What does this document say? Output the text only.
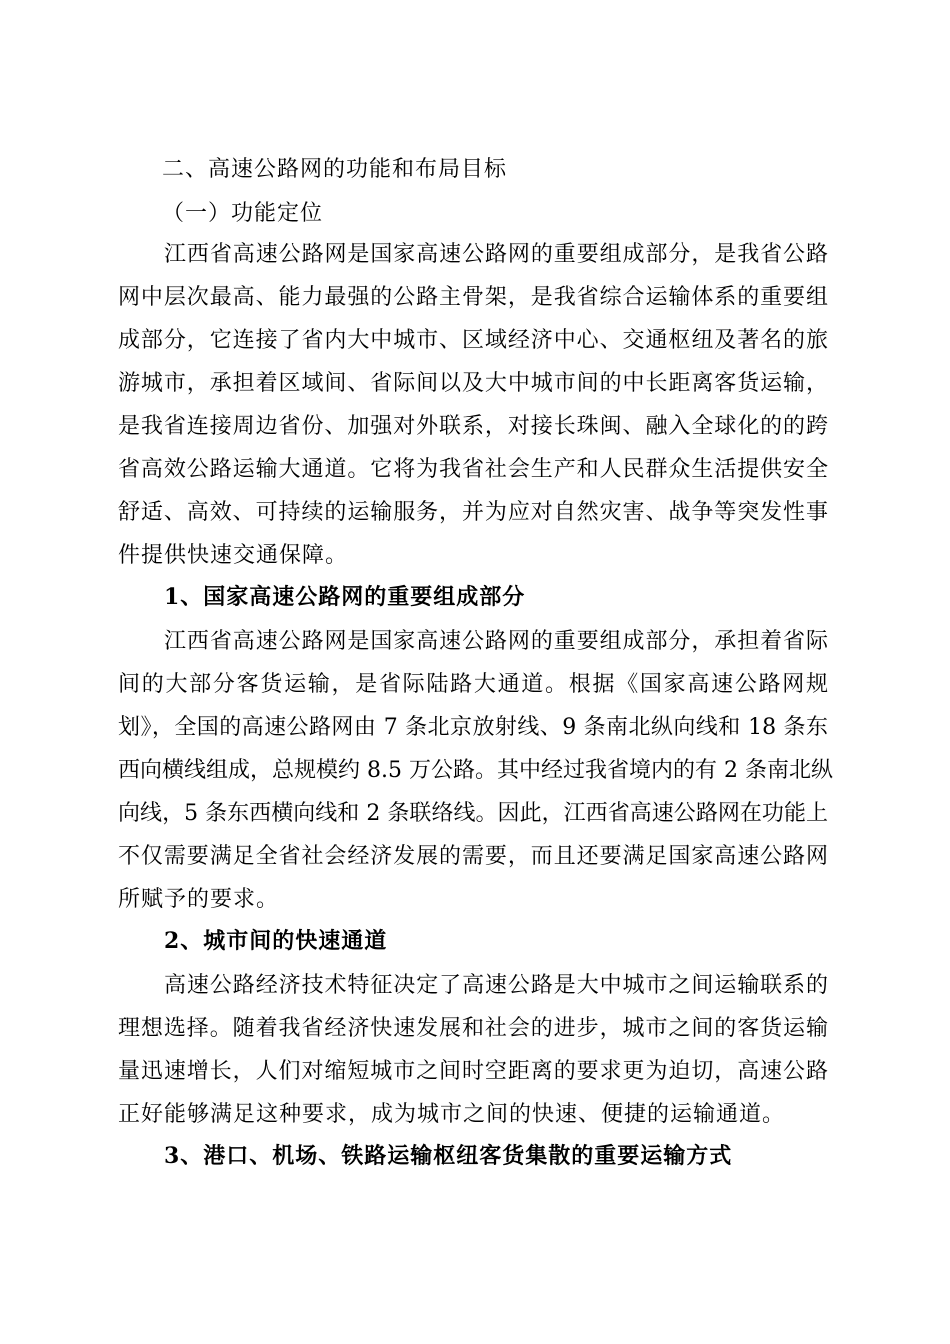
二、高速公路网的功能和布局目标
（一）功能定位
江西省高速公路网是国家高速公路网的重要组成部分，是我省公路
网中层次最高、能力最强的公路主骨架，是我省综合运输体系的重要组
成部分，它连接了省内大中城市、区域经济中心、交通枢纽及著名的旅
游城市，承担着区域间、省际间以及大中城市间的中长距离客货运输，
是我省连接周边省份、加强对外联系，对接长珠闽、融入全球化的的跨
省高效公路运输大通道。它将为我省社会生产和人民群众生活提供安全
舒适、高效、可持续的运输服务，并为应对自然灾害、战争等突发性事
件提供快速交通保障。
1、国家高速公路网的重要组成部分
江西省高速公路网是国家高速公路网的重要组成部分，承担着省际
间的大部分客货运输，是省际陆路大通道。根据《国家高速公路网规
划》，全国的高速公路网由 7 条北京放射线、9 条南北纵向线和 18 条东
西向横线组成，总规模约 8.5 万公路。其中经过我省境内的有 2 条南北纵
向线，5 条东西横向线和 2 条联络线。因此，江西省高速公路网在功能上
不仅需要满足全省社会经济发展的需要，而且还要满足国家高速公路网
所赋予的要求。
2、城市间的快速通道
高速公路经济技术特征决定了高速公路是大中城市之间运输联系的
理想选择。随着我省经济快速发展和社会的进步，城市之间的客货运输
量迅速增长，人们对缩短城市之间时空距离的要求更为迫切，高速公路
正好能够满足这种要求，成为城市之间的快速、便捷的运输通道。
3、港口、机场、铁路运输枢纽客货集散的重要运输方式
